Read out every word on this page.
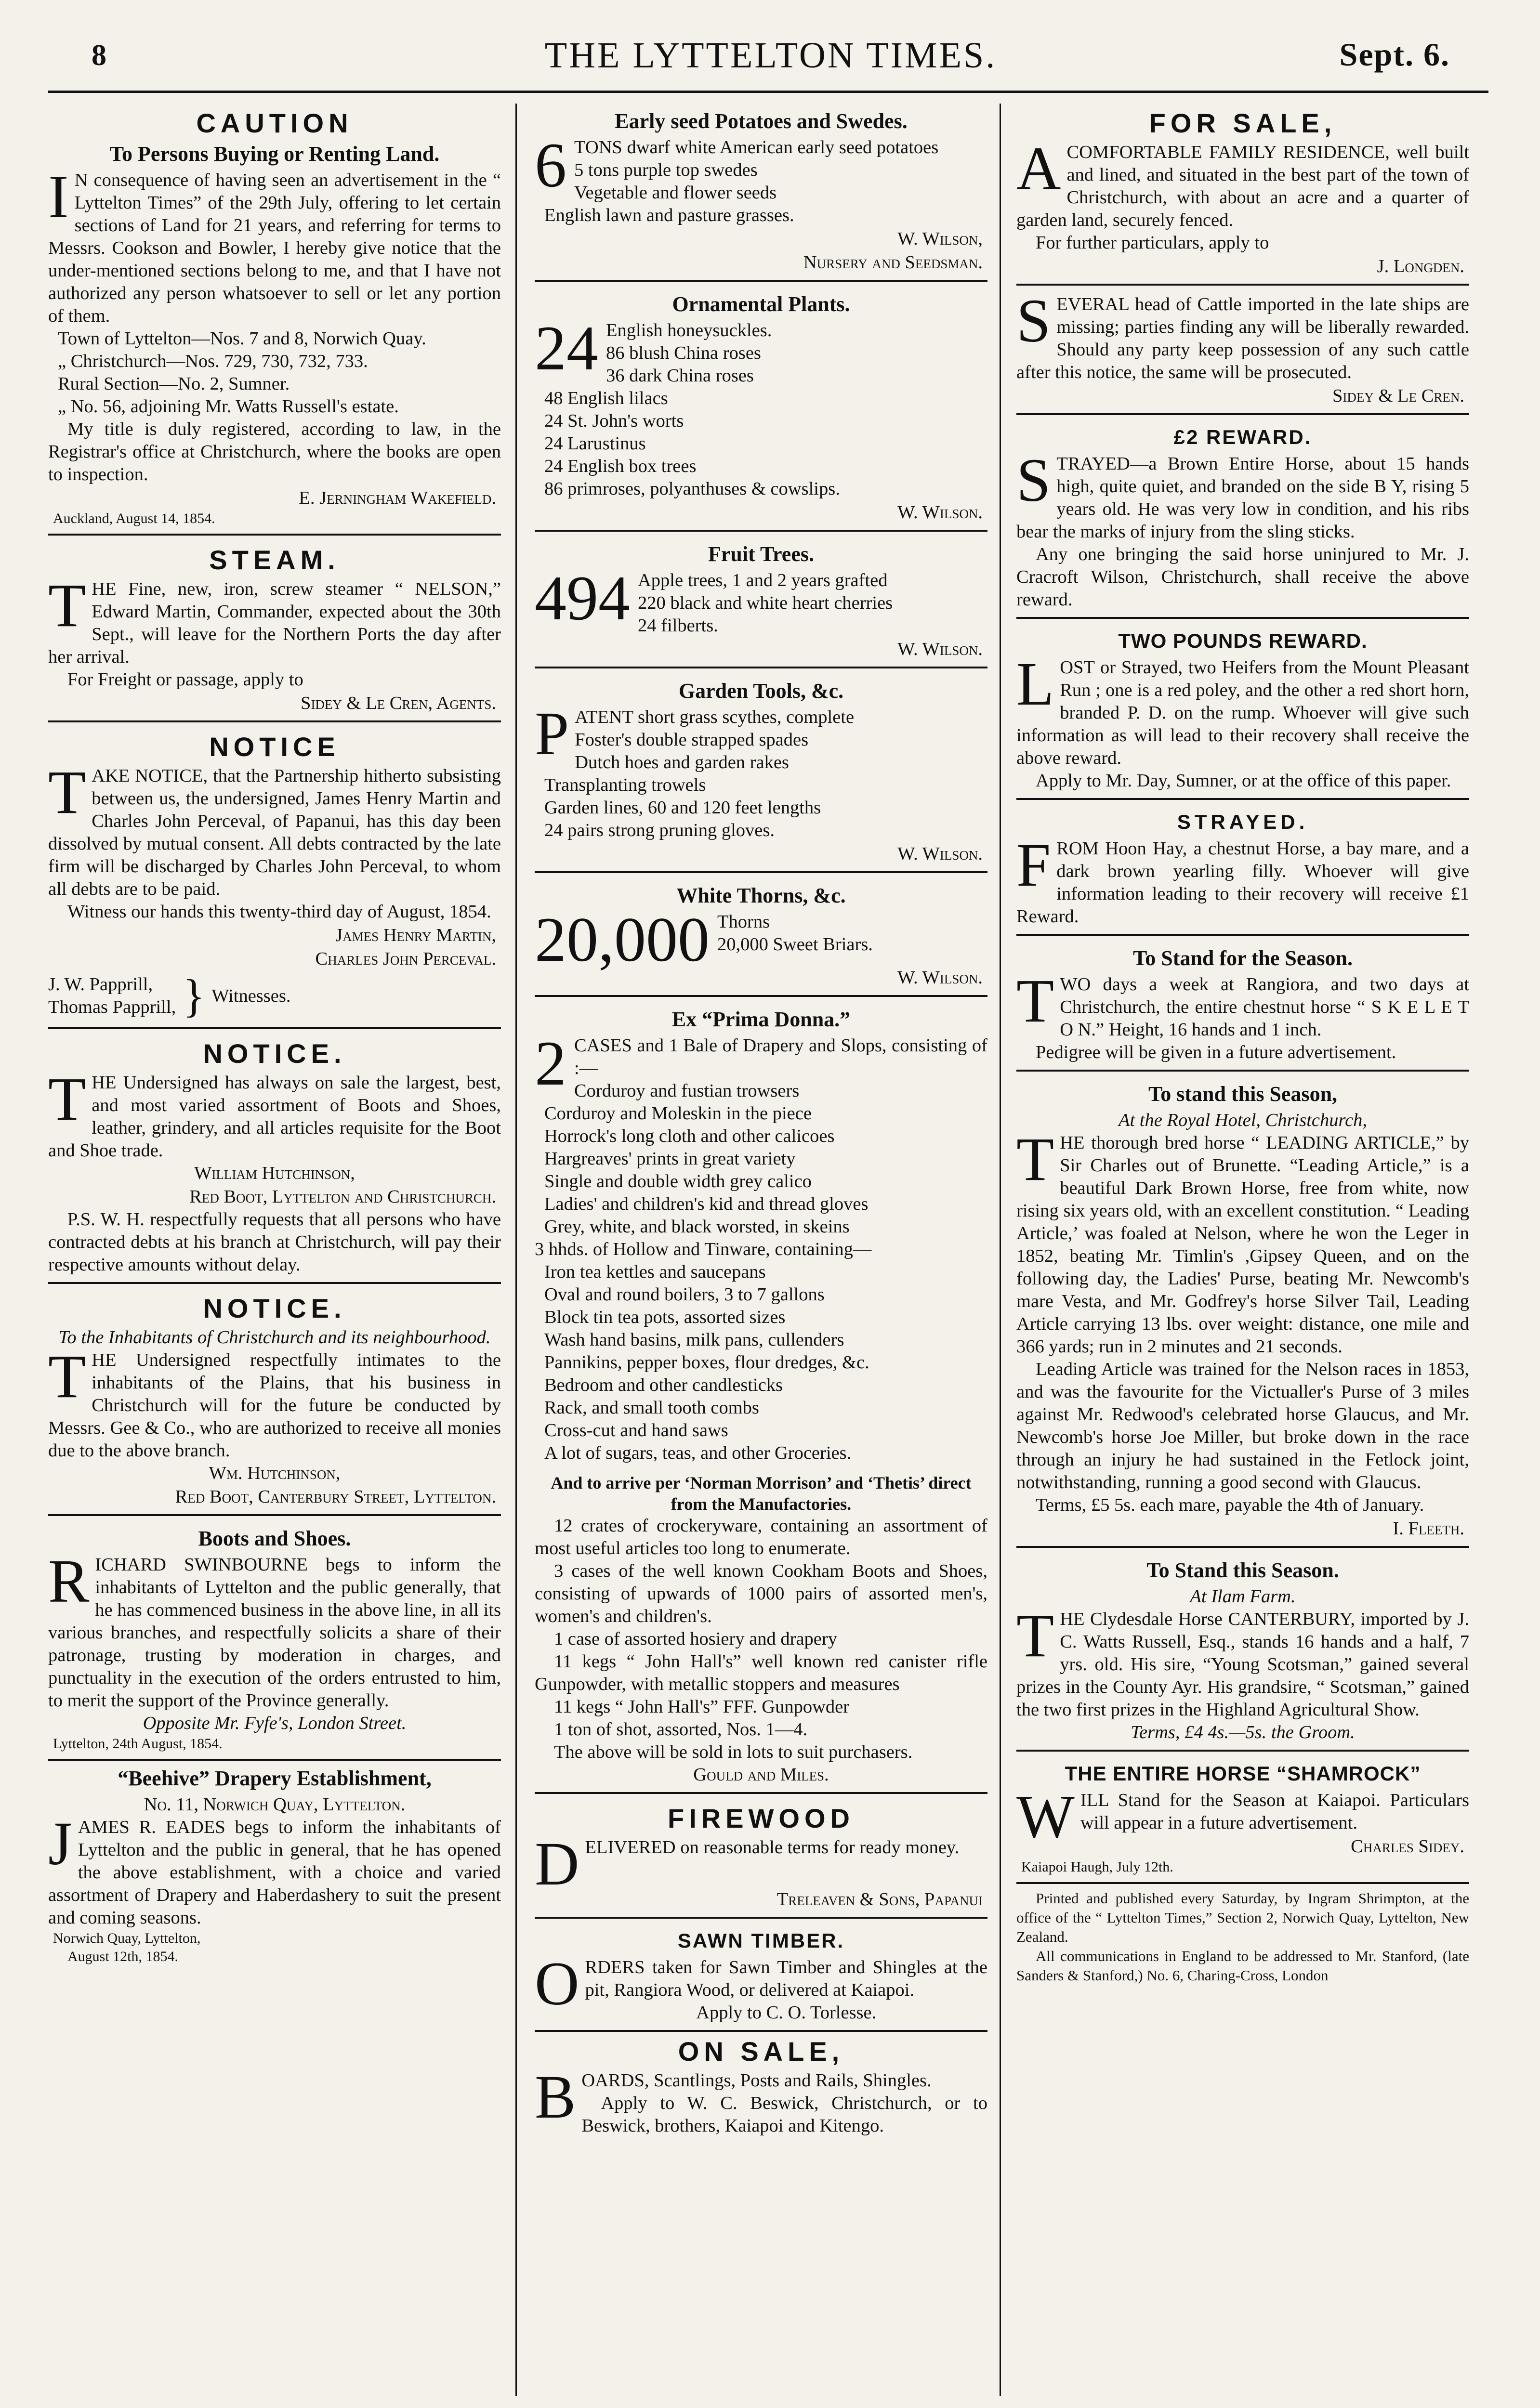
8	THE LYTTELTON TIMES.	Sept. 6.
CAUTION
To Persons Buying or Renting Land.

I N consequence of having seen an advertisement in the “ Lyttelton Times” of the 29th July, offering to let certain sections of Land for 21 years, and referring for terms to Messrs. Cookson and Bowler, I hereby give notice that the under-mentioned sections belong to me, and that I have not authorized any person whatsoever to sell or let any portion of them.

Town of Lyttelton—Nos. 7 and 8, Norwich Quay.
„ Christchurch—Nos. 729, 730, 732, 733.
Rural Section—No. 2, Sumner.
„ No. 56, adjoining Mr. Watts Russell's estate.

My title is duly registered, according to law, in the Registrar's office at Christchurch, where the books are open to inspection.

E. Jerningham Wakefield.
Auckland, August 14, 1854.
STEAM.

THE Fine, new, iron, screw steamer “ NELSON,” Edward Martin, Commander, expected about the 30th Sept., will leave for the Northern Ports the day after her arrival.

For Freight or passage, apply to

Sidey & Le Cren, Agents.
NOTICE

TAKE NOTICE, that the Partnership hitherto subsisting between us, the undersigned, James Henry Martin and Charles John Perceval, of Papanui, has this day been dissolved by mutual consent. All debts contracted by the late firm will be discharged by Charles John Perceval, to whom all debts are to be paid.

Witness our hands this twenty-third day of August, 1854.

James Henry Martin,
Charles John Perceval.
J. W. Papprill,
Thomas Papprill, } Witnesses.
NOTICE.

THE Undersigned has always on sale the largest, best, and most varied assortment of Boots and Shoes, leather, grindery, and all articles requisite for the Boot and Shoe trade.

William Hutchinson,
Red Boot, Lyttelton and Christchurch.

P.S. W. H. respectfully requests that all persons who have contracted debts at his branch at Christchurch, will pay their respective amounts without delay.

NOTICE.
To the Inhabitants of Christchurch and its neighbourhood.

THE Undersigned respectfully intimates to the inhabitants of the Plains, that his business in Christchurch will for the future be conducted by Messrs. Gee & Co., who are authorized to receive all monies due to the above branch.

Wm. Hutchinson,
Red Boot, Canterbury Street, Lyttelton.
Boots and Shoes.

RICHARD SWINBOURNE begs to inform the inhabitants of Lyttelton and the public generally, that he has commenced business in the above line, in all its various branches, and respectfully solicits a share of their patronage, trusting by moderation in charges, and punctuality in the execution of the orders entrusted to him, to merit the support of the Province generally.

Opposite Mr. Fyfe's, London Street.
Lyttelton, 24th August, 1854.
“Beehive” Drapery Establishment,
No. 11, Norwich Quay, Lyttelton.

JAMES R. EADES begs to inform the inhabitants of Lyttelton and the public in general, that he has opened the above establishment, with a choice and varied assortment of Drapery and Haberdashery to suit the present and coming seasons.

Norwich Quay, Lyttelton,
August 12th, 1854.
Early seed Potatoes and Swedes.

6 TONS dwarf white American early seed potatoes

5 tons purple top swedes
Vegetable and flower seeds
English lawn and pasture grasses.
W. Wilson,
Nursery and Seedsman.
Ornamental Plants.
24 English honeysuckles.
86 blush China roses
36 dark China roses
48 English lilacs
24 St. John's worts
24 Larustinus
24 English box trees
86 primroses, polyanthuses & cowslips.
W. Wilson.
Fruit Trees.
494 Apple trees, 1 and 2 years grafted
220 black and white heart cherries
24 filberts.
W. Wilson.
Garden Tools, &c.

PATENT short grass scythes, complete
Foster's double strapped spades

Dutch hoes and garden rakes
Transplanting trowels
Garden lines, 60 and 120 feet lengths
24 pairs strong pruning gloves.
W. Wilson.
White Thorns, &c.
20,000 Thorns
20,000 Sweet Briars.
W. Wilson.
Ex “Prima Donna.”

2 CASES and 1 Bale of Drapery and Slops, consisting of :—

Corduroy and fustian trowsers
Corduroy and Moleskin in the piece
Horrock's long cloth and other calicoes
Hargreaves' prints in great variety
Single and double width grey calico
Ladies' and children's kid and thread gloves
Grey, white, and black worsted, in skeins
3 hhds. of Hollow and Tinware, containing—
Iron tea kettles and saucepans
Oval and round boilers, 3 to 7 gallons
Block tin tea pots, assorted sizes
Wash hand basins, milk pans, cullenders
Pannikins, pepper boxes, flour dredges, &c.
Bedroom and other candlesticks
Rack, and small tooth combs
Cross-cut and hand saws
A lot of sugars, teas, and other Groceries.
And to arrive per ‘Norman Morrison’ and ‘Thetis’ direct from the Manufactories.

12 crates of crockeryware, containing an assortment of most useful articles too long to enumerate.

3 cases of the well known Cookham Boots and Shoes, consisting of upwards of 1000 pairs of assorted men's, women's and children's.

1 case of assorted hosiery and drapery

11 kegs “ John Hall's” well known red canister rifle Gunpowder, with metallic stoppers and measures

11 kegs “ John Hall's” FFF. Gunpowder

1 ton of shot, assorted, Nos. 1—4.

The above will be sold in lots to suit purchasers.

Gould and Miles.
FIREWOOD

DELIVERED on reasonable terms for ready money.

Treleaven & Sons, Papanui
SAWN TIMBER.

ORDERS taken for Sawn Timber and Shingles at the pit, Rangiora Wood, or delivered at Kaiapoi.

Apply to C. O. Torlesse.
ON SALE,

BOARDS, Scantlings, Posts and Rails, Shingles.

Apply to W. C. Beswick, Christchurch, or to Beswick, brothers, Kaiapoi and Kitengo.

FOR SALE,

ACOMFORTABLE FAMILY RESIDENCE, well built and lined, and situated in the best part of the town of Christchurch, with about an acre and a quarter of garden land, securely fenced.

For further particulars, apply to

J. Longden.

SEVERAL head of Cattle imported in the late ships are missing; parties finding any will be liberally rewarded. Should any party keep possession of any such cattle after this notice, the same will be prosecuted.

Sidey & Le Cren.
£2 REWARD.

STRAYED—a Brown Entire Horse, about 15 hands high, quite quiet, and branded on the side B Y, rising 5 years old. He was very low in condition, and his ribs bear the marks of injury from the sling sticks.

Any one bringing the said horse uninjured to Mr. J. Cracroft Wilson, Christchurch, shall receive the above reward.

TWO POUNDS REWARD.

LOST or Strayed, two Heifers from the Mount Pleasant Run ; one is a red poley, and the other a red short horn, branded P. D. on the rump. Whoever will give such information as will lead to their recovery shall receive the above reward.

Apply to Mr. Day, Sumner, or at the office of this paper.

STRAYED.

FROM Hoon Hay, a chestnut Horse, a bay mare, and a dark brown yearling filly. Whoever will give information leading to their recovery will receive £1 Reward.

To Stand for the Season.

TWO days a week at Rangiora, and two days at Christchurch, the entire chestnut horse “ S K E L E T O N.” Height, 16 hands and 1 inch.

Pedigree will be given in a future advertisement.

To stand this Season,
At the Royal Hotel, Christchurch,

THE thorough bred horse “ LEADING ARTICLE,” by Sir Charles out of Brunette. “Leading Article,” is a beautiful Dark Brown Horse, free from white, now rising six years old, with an excellent constitution. “ Leading Article,’ was foaled at Nelson, where he won the Leger in 1852, beating Mr. Timlin's ,Gipsey Queen, and on the following day, the Ladies' Purse, beating Mr. Newcomb's mare Vesta, and Mr. Godfrey's horse Silver Tail, Leading Article carrying 13 lbs. over weight: distance, one mile and 366 yards; run in 2 minutes and 21 seconds.

Leading Article was trained for the Nelson races in 1853, and was the favourite for the Victualler's Purse of 3 miles against Mr. Redwood's celebrated horse Glaucus, and Mr. Newcomb's horse Joe Miller, but broke down in the race through an injury he had sustained in the Fetlock joint, notwithstanding, running a good second with Glaucus.

Terms, £5 5s. each mare, payable the 4th of January.

I. Fleeth.
To Stand this Season.
At Ilam Farm.

THE Clydesdale Horse CANTERBURY, imported by J. C. Watts Russell, Esq., stands 16 hands and a half, 7 yrs. old. His sire, “Young Scotsman,” gained several prizes in the County Ayr. His grandsire, “ Scotsman,” gained the two first prizes in the Highland Agricultural Show.

Terms, £4 4s.—5s. the Groom.
THE ENTIRE HORSE “SHAMROCK”

WILL Stand for the Season at Kaiapoi. Particulars will appear in a future advertisement.

Charles Sidey.
Kaiapoi Haugh, July 12th.

Printed and published every Saturday, by Ingram Shrimpton, at the office of the “ Lyttelton Times,” Section 2, Norwich Quay, Lyttelton, New Zealand.

All communications in England to be addressed to Mr. Stanford, (late Sanders & Stanford,) No. 6, Charing-Cross, London
